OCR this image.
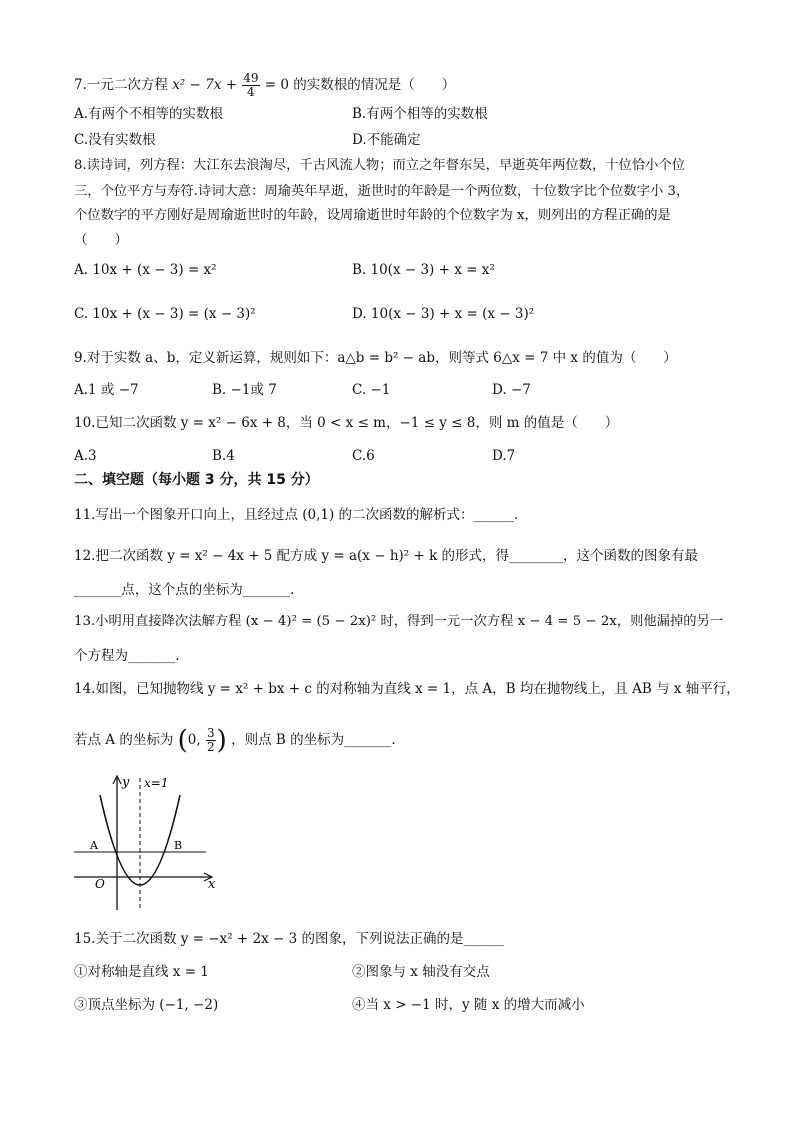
7.一元二次方程 $x^2 - 7x + \frac{49}{4} = 0$ 的实数根的情况是（　　）
A.有两个不相等的实数根	B.有两个相等的实数根
C.没有实数根	D.不能确定
8.读诗词，列方程：大江东去浪淘尽，千古风流人物；而立之年督东吴，早逝英年两位数，十位恰小个位
三，个位平方与寿符.诗词大意：周瑜英年早逝，逝世时的年龄是一个两位数，十位数字比个位数字小 3，
个位数字的平方刚好是周瑜逝世时的年龄，设周瑜逝世时年龄的个位数字为 x，则列出的方程正确的是
（　　）
A. 10x + (x − 3) = x²	B. 10(x − 3) + x = x²
C. 10x + (x − 3) = (x − 3)²	D. 10(x − 3) + x = (x − 3)²
9.对于实数 a、b，定义新运算，规则如下：a△b = b² − ab，则等式 6△x = 7 中 x 的值为（　　）
A.1 或 −7	B. −1或 7	C. −1	D. −7
10.已知二次函数 y = x² − 6x + 8，当 0 < x ≤ m，−1 ≤ y ≤ 8，则 m 的值是（　　）
A.3	B.4	C.6	D.7
二、填空题（每小题 3 分，共 15 分）
11.写出一个图象开口向上，且经过点 (0,1) 的二次函数的解析式：______.
12.把二次函数 y = x² − 4x + 5 配方成 y = a(x − h)² + k 的形式，得________，这个函数的图象有最
_______点，这个点的坐标为_______.
13.小明用直接降次法解方程 (x − 4)² = (5 − 2x)² 时，得到一元一次方程 x − 4 = 5 − 2x，则他漏掉的另一
个方程为_______.
14.如图，已知抛物线 y = x² + bx + c 的对称轴为直线 x = 1，点 A，B 均在抛物线上，且 AB 与 x 轴平行，
若点 A 的坐标为 (0, $\frac{3}{2}$ ) ，则点 B 的坐标为_______.
y
x
x=1
O
A	B
15.关于二次函数 y = −x² + 2x − 3 的图象，下列说法正确的是______
①对称轴是直线 x = 1	②图象与 x 轴没有交点
③顶点坐标为 (−1, −2)	④当 x > −1 时，y 随 x 的增大而减小
